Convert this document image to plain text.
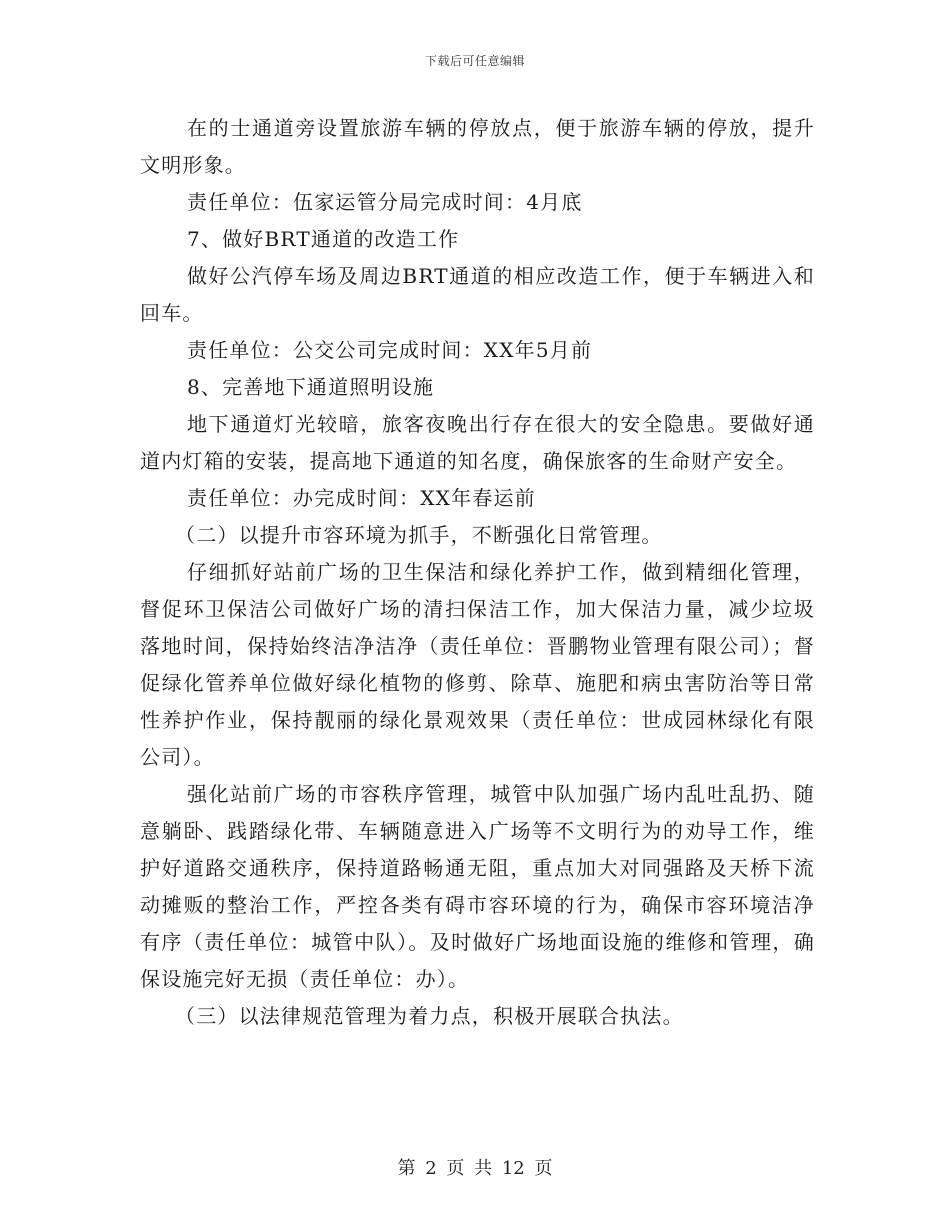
下载后可任意编辑

在的士通道旁设置旅游车辆的停放点，便于旅游车辆的停放，提升文明形象。

责任单位：伍家运管分局完成时间：4月底

7、做好BRT通道的改造工作

做好公汽停车场及周边BRT通道的相应改造工作，便于车辆进入和回车。

责任单位：公交公司完成时间：XX年5月前

8、完善地下通道照明设施

地下通道灯光较暗，旅客夜晚出行存在很大的安全隐患。要做好通道内灯箱的安装，提高地下通道的知名度，确保旅客的生命财产安全。

责任单位：办完成时间：XX年春运前

（二）以提升市容环境为抓手，不断强化日常管理。

仔细抓好站前广场的卫生保洁和绿化养护工作，做到精细化管理，督促环卫保洁公司做好广场的清扫保洁工作，加大保洁力量，减少垃圾落地时间，保持始终洁净洁净（责任单位：晋鹏物业管理有限公司）；督促绿化管养单位做好绿化植物的修剪、除草、施肥和病虫害防治等日常性养护作业，保持靓丽的绿化景观效果（责任单位：世成园林绿化有限公司）。

强化站前广场的市容秩序管理，城管中队加强广场内乱吐乱扔、随意躺卧、践踏绿化带、车辆随意进入广场等不文明行为的劝导工作，维护好道路交通秩序，保持道路畅通无阻，重点加大对同强路及天桥下流动摊贩的整治工作，严控各类有碍市容环境的行为，确保市容环境洁净有序（责任单位：城管中队）。及时做好广场地面设施的维修和管理，确保设施完好无损（责任单位：办）。

（三）以法律规范管理为着力点，积极开展联合执法。

第 2 页 共 12 页
